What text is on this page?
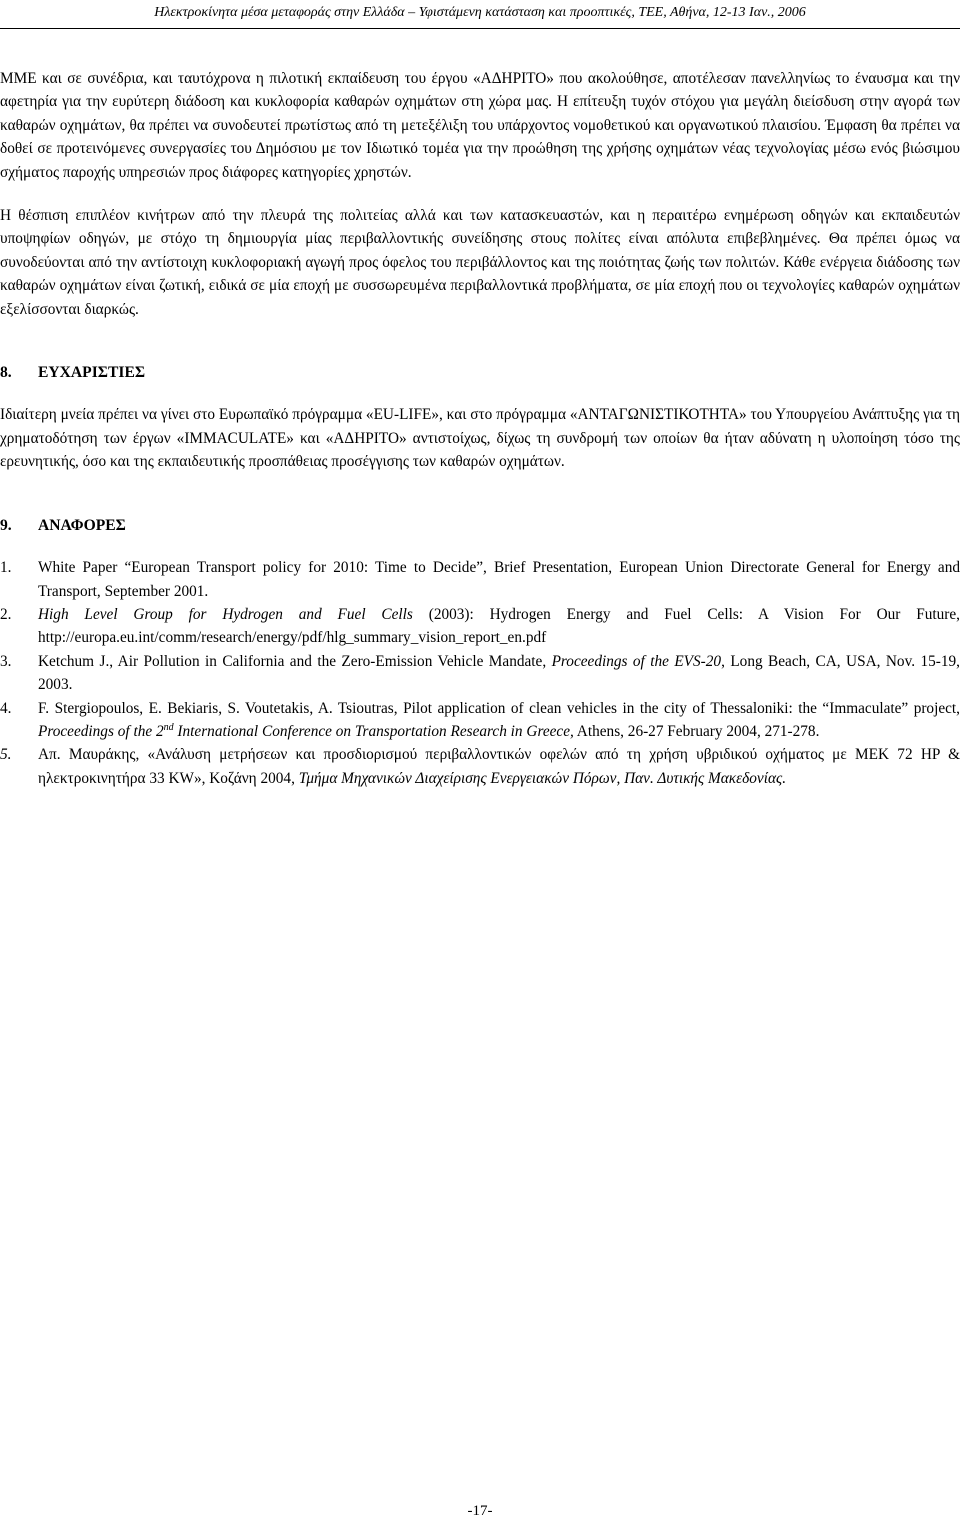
Ηλεκτροκίνητα μέσα μεταφοράς στην Ελλάδα – Υφιστάμενη κατάσταση και προοπτικές, ΤΕΕ, Αθήνα, 12-13 Ιαν., 2006

ΜΜΕ και σε συνέδρια, και ταυτόχρονα η πιλοτική εκπαίδευση του έργου «ΑΔΗΡΙΤΟ» που ακολούθησε, αποτέλεσαν πανελληνίως το έναυσμα και την αφετηρία για την ευρύτερη διάδοση και κυκλοφορία καθαρών οχημάτων στη χώρα μας. Η επίτευξη τυχόν στόχου για μεγάλη διείσδυση στην αγορά των καθαρών οχημάτων, θα πρέπει να συνοδευτεί πρωτίστως από τη μετεξέλιξη του υπάρχοντος νομοθετικού και οργανωτικού πλαισίου. Έμφαση θα πρέπει να δοθεί σε προτεινόμενες συνεργασίες του Δημόσιου με τον Ιδιωτικό τομέα για την προώθηση της χρήσης οχημάτων νέας τεχνολογίας μέσω ενός βιώσιμου σχήματος παροχής υπηρεσιών προς διάφορες κατηγορίες χρηστών.

Η θέσπιση επιπλέον κινήτρων από την πλευρά της πολιτείας αλλά και των κατασκευαστών, και η περαιτέρω ενημέρωση οδηγών και εκπαιδευτών υποψηφίων οδηγών, με στόχο τη δημιουργία μίας περιβαλλοντικής συνείδησης στους πολίτες είναι απόλυτα επιβεβλημένες. Θα πρέπει όμως να συνοδεύονται από την αντίστοιχη κυκλοφοριακή αγωγή προς όφελος του περιβάλλοντος και της ποιότητας ζωής των πολιτών. Κάθε ενέργεια διάδοσης των καθαρών οχημάτων είναι ζωτική, ειδικά σε μία εποχή με συσσωρευμένα περιβαλλοντικά προβλήματα, σε μία εποχή που οι τεχνολογίες καθαρών οχημάτων εξελίσσονται διαρκώς.

8. ΕΥΧΑΡΙΣΤΙΕΣ

Ιδιαίτερη μνεία πρέπει να γίνει στο Ευρωπαϊκό πρόγραμμα «EU-LIFE», και στο πρόγραμμα «ΑΝΤΑΓΩΝΙΣΤΙΚΟΤΗΤΑ» του Υπουργείου Ανάπτυξης για τη χρηματοδότηση των έργων «IMMACULATE» και «ΑΔΗΡΙΤΟ» αντιστοίχως, δίχως τη συνδρομή των οποίων θα ήταν αδύνατη η υλοποίηση τόσο της ερευνητικής, όσο και της εκπαιδευτικής προσπάθειας προσέγγισης των καθαρών οχημάτων.

9. ΑΝΑΦΟΡΕΣ
1. White Paper “European Transport policy for 2010: Time to Decide”, Brief Presentation, European Union Directorate General for Energy and Transport, September 2001.
2. High Level Group for Hydrogen and Fuel Cells (2003): Hydrogen Energy and Fuel Cells: A Vision For Our Future, http://europa.eu.int/comm/research/energy/pdf/hlg_summary_vision_report_en.pdf
3. Ketchum J., Air Pollution in California and the Zero-Emission Vehicle Mandate, Proceedings of the EVS-20, Long Beach, CA, USA, Nov. 15-19, 2003.
4. F. Stergiopoulos, E. Bekiaris, S. Voutetakis, A. Tsioutras, Pilot application of clean vehicles in the city of Thessaloniki: the “Immaculate” project, Proceedings of the 2nd International Conference on Transportation Research in Greece, Athens, 26-27 February 2004, 271-278.
5. Απ. Μαυράκης, «Ανάλυση μετρήσεων και προσδιορισμού περιβαλλοντικών οφελών από τη χρήση υβριδικού οχήματος με ΜΕΚ 72 HP & ηλεκτροκινητήρα 33 KW», Κοζάνη 2004, Τμήμα Μηχανικών Διαχείρισης Ενεργειακών Πόρων, Παν. Δυτικής Μακεδονίας.
-17-
